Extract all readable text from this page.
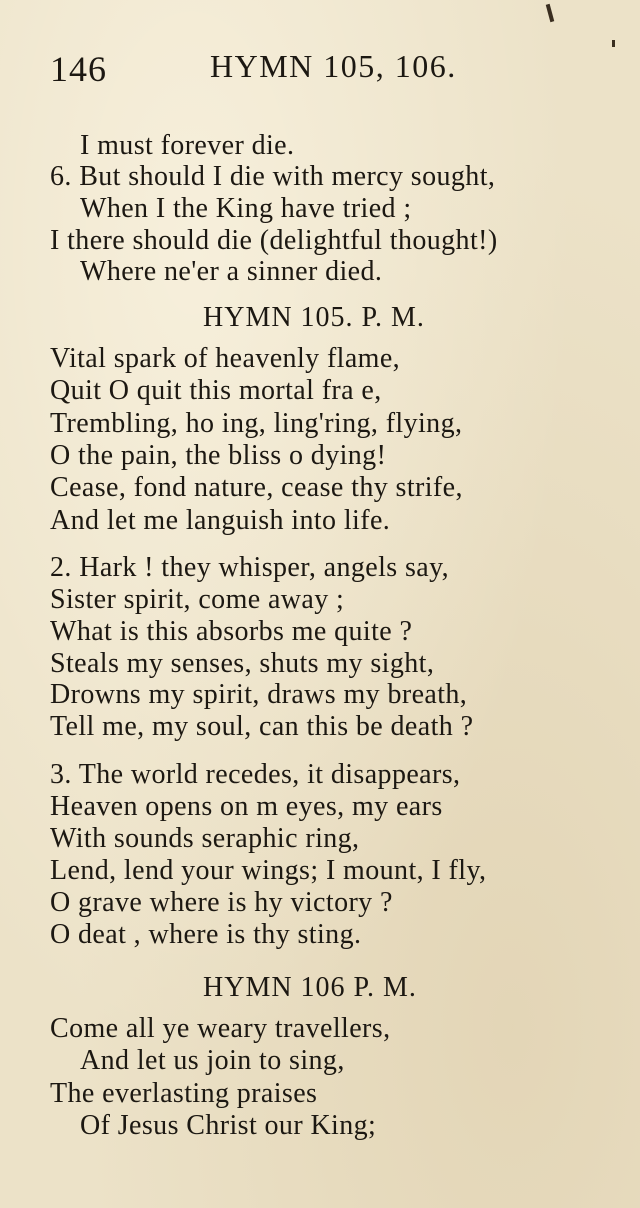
146	HYMN 105, 106.
I must forever die.
6. But should I die with mercy sought,
When I the King have tried ;
I there should die (delightful thought!)
Where ne'er a sinner died.
HYMN 105. P. M.
Vital spark of heavenly flame,
Quit O quit this mortal fra e,
Trembling, ho ing, ling'ring, flying,
O the pain, the bliss o dying!
Cease, fond nature, cease thy strife,
And let me languish into life.
2. Hark ! they whisper, angels say,
Sister spirit, come away ;
What is this absorbs me quite ?
Steals my senses, shuts my sight,
Drowns my spirit, draws my breath,
Tell me, my soul, can this be death ?
3. The world recedes, it disappears,
Heaven opens on m eyes, my ears
With sounds seraphic ring,
Lend, lend your wings; I mount, I fly,
O grave where is hy victory ?
O deat , where is thy sting.
HYMN 106 P. M.
Come all ye weary travellers,
And let us join to sing,
The everlasting praises
Of Jesus Christ our King;
